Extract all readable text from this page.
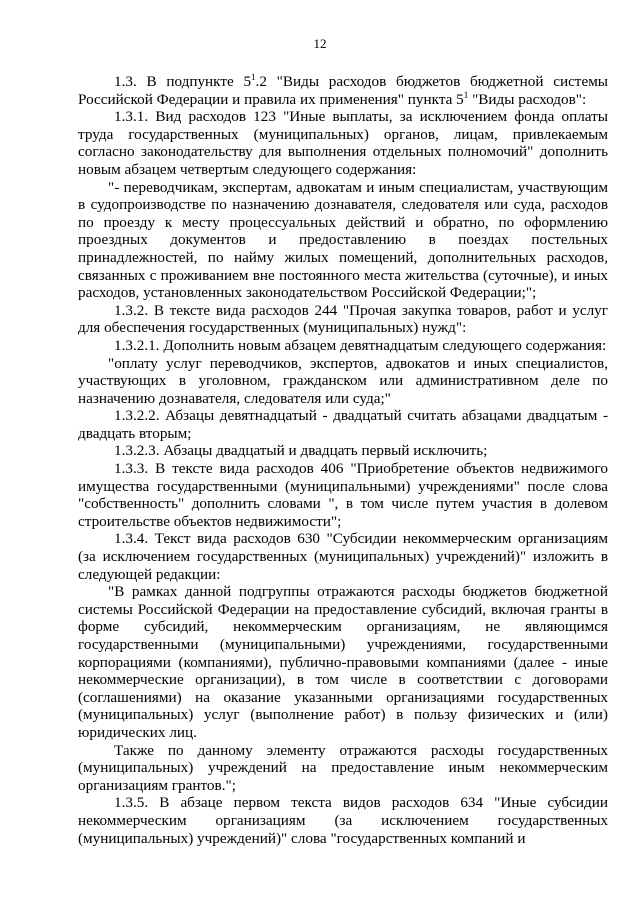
12

1.3. В подпункте $5^1.2$ "Виды расходов бюджетов бюджетной системы Российской Федерации и правила их применения" пункта $5^1$ "Виды расходов":

1.3.1. Вид расходов 123 "Иные выплаты, за исключением фонда оплаты труда государственных (муниципальных) органов, лицам, привлекаемым согласно законодательству для выполнения отдельных полномочий" дополнить новым абзацем четвертым следующего содержания:

"- переводчикам, экспертам, адвокатам и иным специалистам, участвующим в судопроизводстве по назначению дознавателя, следователя или суда, расходов по проезду к месту процессуальных действий и обратно, по оформлению проездных документов и предоставлению в поездах постельных принадлежностей, по найму жилых помещений, дополнительных расходов, связанных с проживанием вне постоянного места жительства (суточные), и иных расходов, установленных законодательством Российской Федерации;";

1.3.2. В тексте вида расходов 244 "Прочая закупка товаров, работ и услуг для обеспечения государственных (муниципальных) нужд":

1.3.2.1. Дополнить новым абзацем девятнадцатым следующего содержания:

"оплату услуг переводчиков, экспертов, адвокатов и иных специалистов, участвующих в уголовном, гражданском или административном деле по назначению дознавателя, следователя или суда;"

1.3.2.2. Абзацы девятнадцатый - двадцатый считать абзацами двадцатым - двадцать вторым;

1.3.2.3. Абзацы двадцатый и двадцать первый исключить;

1.3.3. В тексте вида расходов 406 "Приобретение объектов недвижимого имущества государственными (муниципальными) учреждениями" после слова "собственность" дополнить словами ", в том числе путем участия в долевом строительстве объектов недвижимости";

1.3.4. Текст вида расходов 630 "Субсидии некоммерческим организациям (за исключением государственных (муниципальных) учреждений)" изложить в следующей редакции:

"В рамках данной подгруппы отражаются расходы бюджетов бюджетной системы Российской Федерации на предоставление субсидий, включая гранты в форме субсидий, некоммерческим организациям, не являющимся государственными (муниципальными) учреждениями, государственными корпорациями (компаниями), публично-правовыми компаниями (далее - иные некоммерческие организации), в том числе в соответствии с договорами (соглашениями) на оказание указанными организациями государственных (муниципальных) услуг (выполнение работ) в пользу физических и (или) юридических лиц.

Также по данному элементу отражаются расходы государственных (муниципальных) учреждений на предоставление иным некоммерческим организациям грантов.";

1.3.5. В абзаце первом текста видов расходов 634 "Иные субсидии некоммерческим организациям (за исключением государственных (муниципальных) учреждений)" слова "государственных компаний и
